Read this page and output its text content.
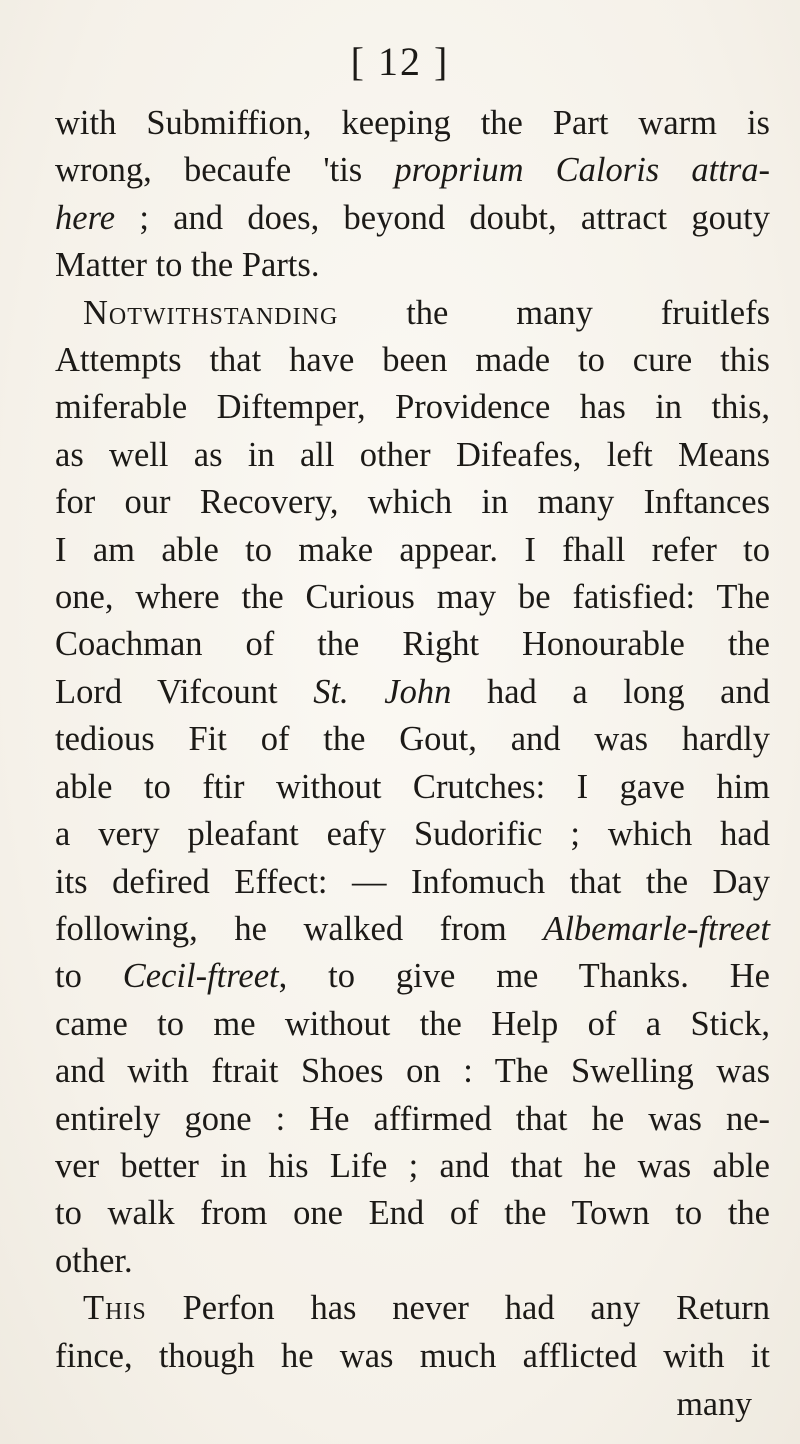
[ 12 ]
with Submiffion, keeping the Part warm is
wrong, becaufe 'tis proprium Caloris attra-
here ; and does, beyond doubt, attract gouty
Matter to the Parts.
Notwithstanding the many fruitlefs
Attempts that have been made to cure this
miferable Diftemper, Providence has in this,
as well as in all other Difeafes, left Means
for our Recovery, which in many Inftances
I am able to make appear. I fhall refer to
one, where the Curious may be fatisfied: The
Coachman of the Right Honourable the
Lord Vifcount St. John had a long and
tedious Fit of the Gout, and was hardly
able to ftir without Crutches: I gave him
a very pleafant eafy Sudorific ; which had
its defired Effect: — Infomuch that the Day
following, he walked from Albemarle-ftreet
to Cecil-ftreet, to give me Thanks. He
came to me without the Help of a Stick,
and with ftrait Shoes on : The Swelling was
entirely gone : He affirmed that he was ne-
ver better in his Life ; and that he was able
to walk from one End of the Town to the
other.
This Perfon has never had any Return
fince, though he was much afflicted with it
many
